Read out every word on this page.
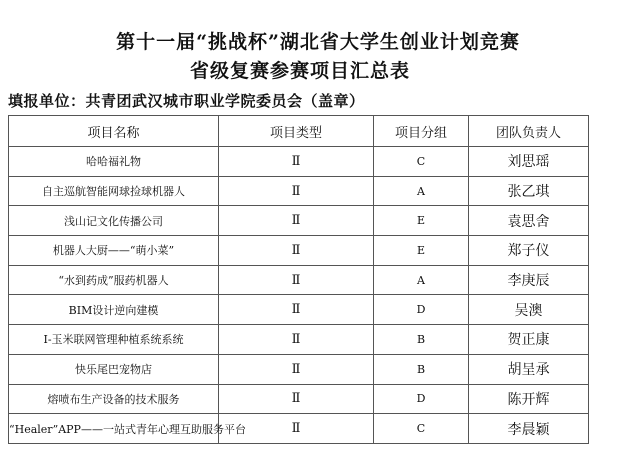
第十一届“挑战杯”湖北省大学生创业计划竞赛
省级复赛参赛项目汇总表
填报单位：共青团武汉城市职业学院委员会（盖章）
项目名称	项目类型	项目分组	团队负责人
哈哈福礼物	Ⅱ	C	刘思瑶
自主巡航智能网球捡球机器人	Ⅱ	A	张乙琪
浅山记文化传播公司	Ⅱ	E	袁思舍
机器人大厨——“萌小菜”	Ⅱ	E	郑子仪
“水到药成”服药机器人	Ⅱ	A	李庚辰
BIM设计逆向建模	Ⅱ	D	吴澳
I-玉米联网管理种植系统系统	Ⅱ	B	贺正康
快乐尾巴宠物店	Ⅱ	B	胡呈承
熔喷布生产设备的技术服务	Ⅱ	D	陈开辉
“Healer”APP——一站式青年心理互助服务平台	Ⅱ	C	李晨颖
